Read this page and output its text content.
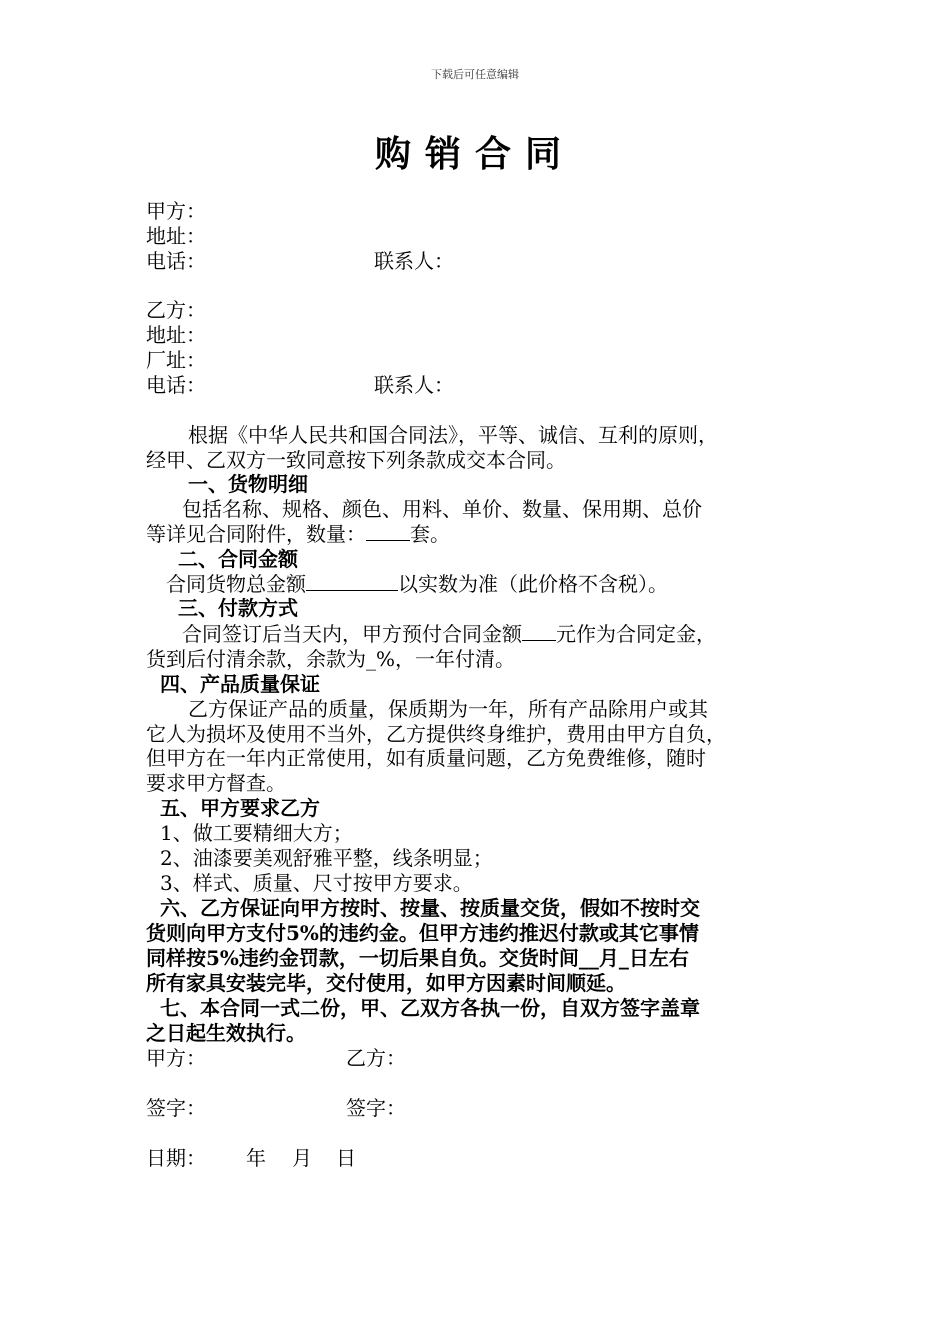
下载后可任意编辑
购销合同
甲方：
地址：
电话：	联系人：
乙方：
地址：
厂址：
电话：	联系人：
根据《中华人民共和国合同法》，平等、诚信、互利的原则，
经甲、乙双方一致同意按下列条款成交本合同。
一、货物明细
包括名称、规格、颜色、用料、单价、数量、保用期、总价
等详见合同附件，数量： 套。
二、合同金额
合同货物总金额	以实数为准（此价格不含税）。
三、付款方式
合同签订后当天内，甲方预付合同金额 元作为合同定金，
货到后付清余款，余款为_%，一年付清。
四、产品质量保证
乙方保证产品的质量，保质期为一年，所有产品除用户或其
它人为损坏及使用不当外，乙方提供终身维护，费用由甲方自负，
但甲方在一年内正常使用，如有质量问题，乙方免费维修，随时
要求甲方督查。
五、甲方要求乙方
1、做工要精细大方；
2、油漆要美观舒雅平整，线条明显；
3、样式、质量、尺寸按甲方要求。
六、乙方保证向甲方按时、按量、按质量交货，假如不按时交
货则向甲方支付5%的违约金。但甲方违约推迟付款或其它事情
同样按5%违约金罚款，一切后果自负。交货时间__月_日左右
所有家具安装完毕，交付使用，如甲方因素时间顺延。
七、本合同一式二份，甲、乙双方各执一份，自双方签字盖章
之日起生效执行。
甲方：	乙方：
签字：	签字：
日期： 年 月 日
